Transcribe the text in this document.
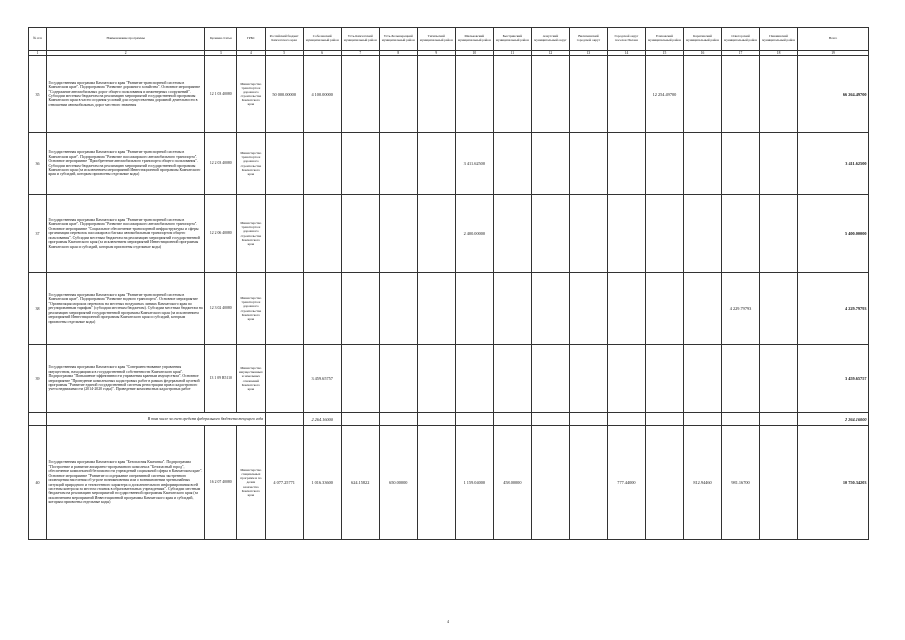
№ п/п	Наименование программы	Целевая статья	ГРБС	Российский бюджет Камчатского края	Соболевский муниципальный район	Усть-Камчатский муниципальный район	Усть-Большерецкий муниципальный район	Тигильский муниципальный район	Мильковский муниципальный район	Быстринский муниципальный район	Алеутский муниципальный округ	Вилючинский городской округ	Городской округ поселок Палана	Елизовский муниципальный район	Карагинский муниципальный район	Олюторский муниципальный район	Пенжинский муниципальный район	Всего
1	2	3	4	5	6	7	8	9	10	11	12	13	14	15	16	17	18	19
35	Государственная программа Камчатского края "Развитие транспортной системы в Камчатском крае". Подпрограмма "Развитие дорожного хозяйства". Основное мероприятие "Содержание автомобильных дорог общего пользования и инженерных сооружений". Субсидии местным бюджетам на реализацию мероприятий государственной программы Камчатского края в части создания условий для осуществления дорожной деятельности в отношении автомобильных дорог местного значения	12 1 03 40080	Министерство транспорта и дорожного строительства Камчатского края	50 000.00000	4 100.00000									12 254.49700				66 264.49700
36	Государственная программа Камчатского края "Развитие транспортной системы в Камчатском крае". Подпрограмма "Развитие пассажирского автомобильного транспорта". Основное мероприятие "Приобретение автомобильного транспорта общего пользования". Субсидии местным бюджетам на реализацию мероприятий государственной программы Камчатского края (за исключением мероприятий Инвестиционной программы Камчатского края и субсидий, которым присвоены отдельные коды)	12 2 03 40080	Министерство транспорта и дорожного строительства Камчатского края						3 411.62500									3 411.62500
37	Государственная программа Камчатского края "Развитие транспортной системы в Камчатском крае". Подпрограмма "Развитие пассажирского автомобильного транспорта". Основное мероприятие "Социальное обеспечение транспортной инфраструктуры и сферы организации перевозок пассажиров и багажа автомобильным транспортом общего пользования". Субсидии местным бюджетам на реализацию мероприятий государственной программы Камчатского края (за исключением мероприятий Инвестиционной программы Камчатского края и субсидий, которым присвоены отдельные коды)	12 2 06 40080	Министерство транспорта и дорожного строительства Камчатского края						2 400.00000									5 400.00000
38	Государственная программа Камчатского края "Развитие транспортной системы в Камчатском крае". Подпрограмма "Развитие водного транспорта". Основное мероприятие "Организация морских перевозок на местных воздушных линиях Камчатского края по регулированным тарифам" (субсидии местным бюджетам). Субсидии местным бюджетам на реализацию мероприятий государственной программы Камчатского края (за исключением мероприятий Инвестиционной программы Камчатского края и субсидий, которым присвоены отдельные коды)	12 3 02 40080	Министерство транспорта и дорожного строительства Камчатского края													4 229.79793		4 229.79793
39	Государственная программа Камчатского края "Совершенствование управления имуществом, находящимся в государственной собственности Камчатского края". Подпрограмма "Повышение эффективности управления краевым имуществом". Основное мероприятие "Проведение комплексных кадастровых работ в рамках федеральной целевой программы "Развитие единой государственной системы регистрации прав и кадастрового учета недвижимости (2014-2020 годы)". Проведение комплексных кадастровых работ	13 1 09 R5110	Министерство имущественных и земельных отношений Камчатского края		3 459.65757													3 459.65757
	В том числе за счет средств федерального бюджета текущего года				2 264.16000													2 264.16000
40	Государственная программа Камчатского края "Безопасная Камчатка". Подпрограмма "Построение и развитие аппаратно-программного комплекса "Безопасный город", обеспечение комплексной безопасности учреждений социальной сферы в Камчатском крае". Основное мероприятие "Развитие и содержание оперативной системы экстренного оповещения населения об угрозе возникновения или о возникновении чрезвычайных ситуаций природного и техногенного характера и дополнительного информирования всей системы контроля за местом стоянок в образовательных учреждениях". Субсидии местным бюджетам на реализацию мероприятий государственной программы Камчатского края (за исключением мероприятий Инвестиционной программы Камчатского края и субсидий, которым присвоены отдельные коды)	16 2 07 40080	Министерство специальных программ и по делам казачества Камчатского края	4 077.25771	1 016.33600	624.15822	650.00000		1 159.04000	458.00000			777.44000		812.94460	981.16700		10 750.34203
4
